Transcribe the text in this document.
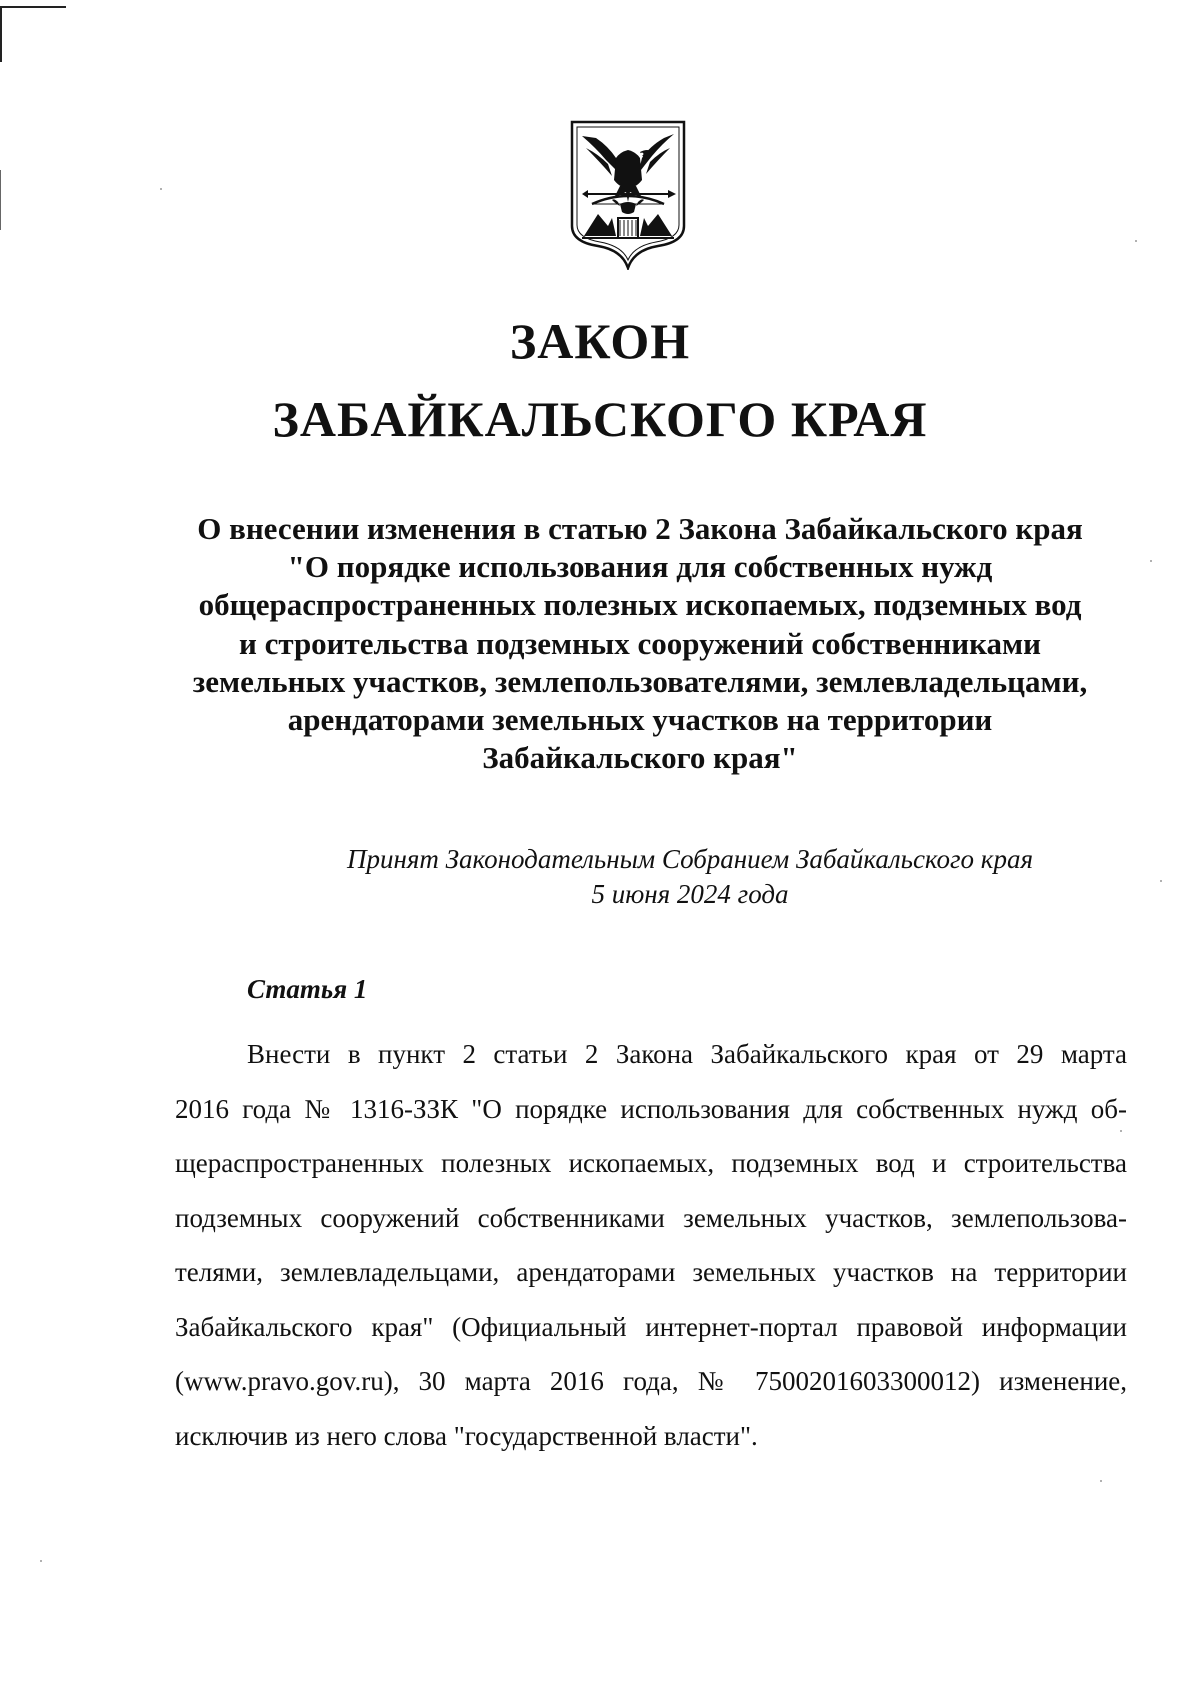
ЗАКОН
ЗАБАЙКАЛЬСКОГО КРАЯ
О внесении изменения в статью 2 Закона Забайкальского края
"О порядке использования для собственных нужд
общераспространенных полезных ископаемых, подземных вод
и строительства подземных сооружений собственниками
земельных участков, землепользователями, землевладельцами,
арендаторами земельных участков на территории
Забайкальского края"
Принят Законодательным Собранием Забайкальского края
5 июня 2024 года
Статья 1
Внести в пункт 2 статьи 2 Закона Забайкальского края от 29 марта
2016 года № 1316-ЗЗК "О порядке использования для собственных нужд об-
щераспространенных полезных ископаемых, подземных вод и строительства
подземных сооружений собственниками земельных участков, землепользова-
телями, землевладельцами, арендаторами земельных участков на территории
Забайкальского края" (Официальный интернет-портал правовой информации
(www.pravo.gov.ru), 30 марта 2016 года, № 7500201603300012) изменение,
исключив из него слова "государственной власти".
